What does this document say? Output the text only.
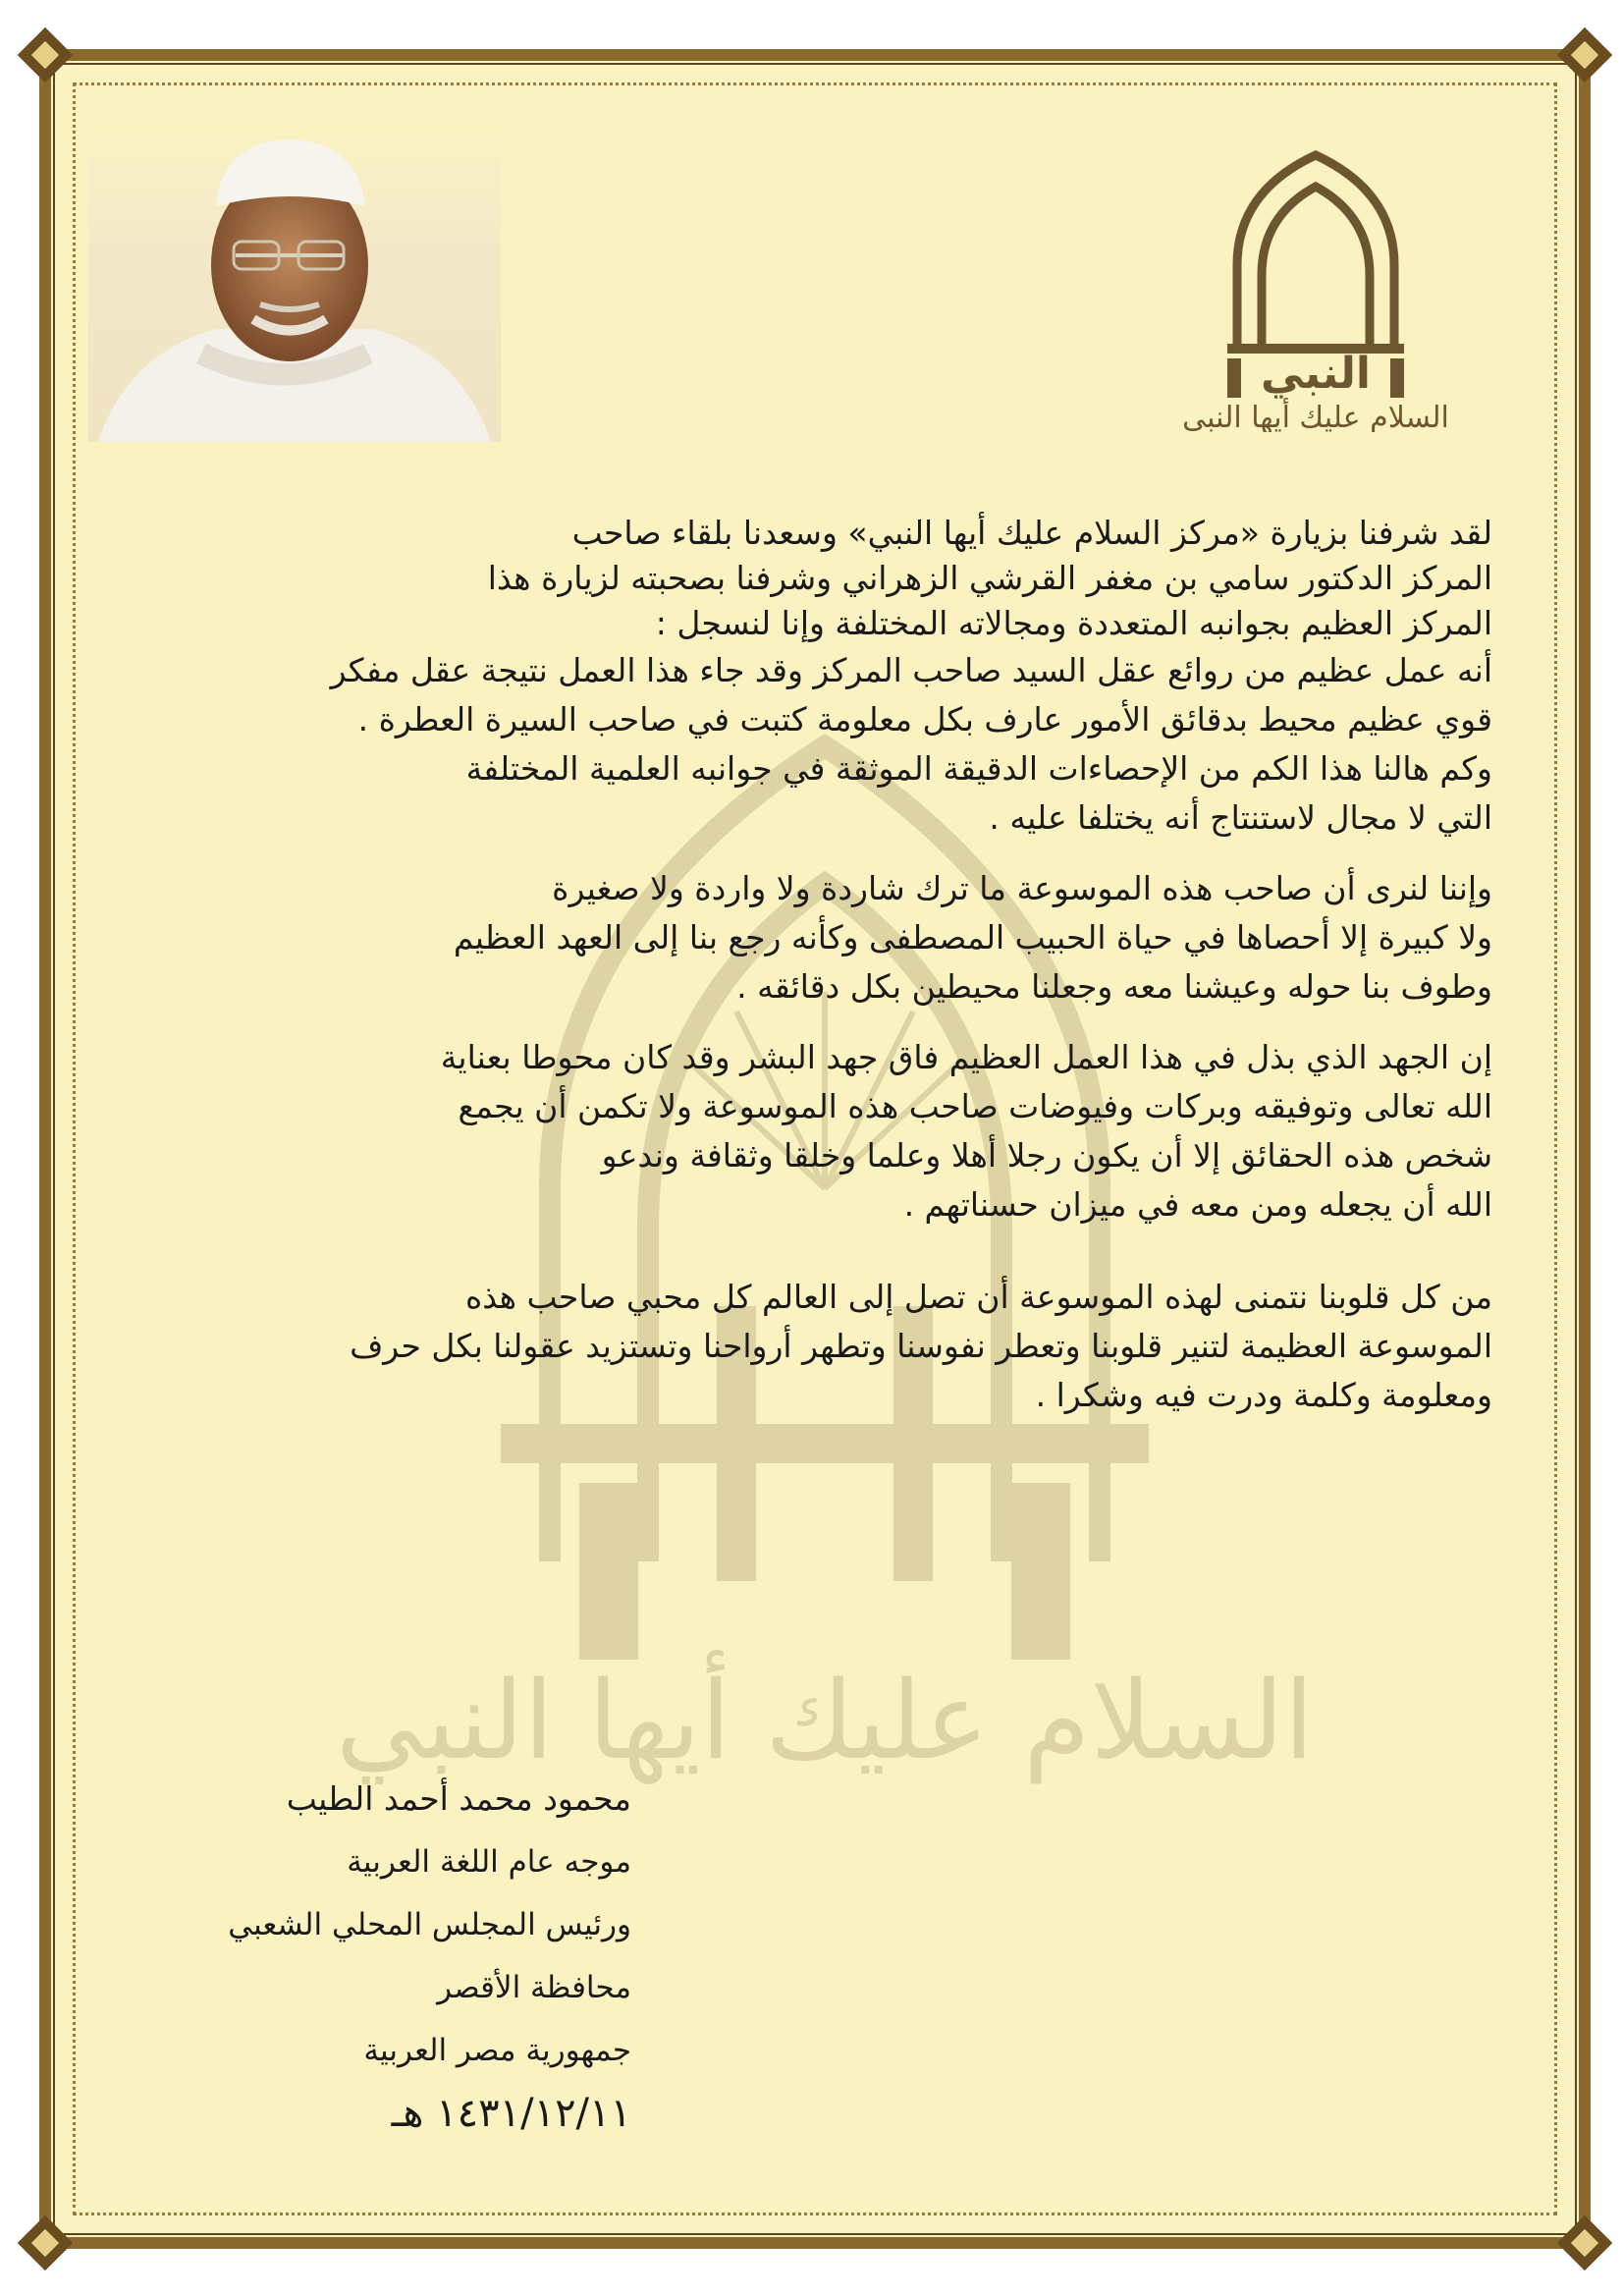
السلام عليك أيها النبي
النبي
السلام عليك أيها النبي
لقد شرفنا بزيارة «مركز السلام عليك أيها النبي» وسعدنا بلقاء صاحب
المركز الدكتور سامي بن مغفر القرشي الزهراني وشرفنا بصحبته لزيارة هذا
المركز العظيم بجوانبه المتعددة ومجالاته المختلفة وإنا لنسجل :
أنه عمل عظيم من روائع عقل السيد صاحب المركز وقد جاء هذا العمل نتيجة عقل مفكر
قوي عظيم محيط بدقائق الأمور عارف بكل معلومة كتبت في صاحب السيرة العطرة .
وكم هالنا هذا الكم من الإحصاءات الدقيقة الموثقة في جوانبه العلمية المختلفة
التي لا مجال لاستنتاج أنه يختلفا عليه .
وإننا لنرى أن صاحب هذه الموسوعة ما ترك شاردة ولا واردة ولا صغيرة
ولا كبيرة إلا أحصاها في حياة الحبيب المصطفى وكأنه رجع بنا إلى العهد العظيم
وطوف بنا حوله وعيشنا معه وجعلنا محيطين بكل دقائقه .
إن الجهد الذي بذل في هذا العمل العظيم فاق جهد البشر وقد كان محوطا بعناية
الله تعالى وتوفيقه وبركات وفيوضات صاحب هذه الموسوعة ولا تكمن أن يجمع
شخص هذه الحقائق إلا أن يكون رجلا أهلا وعلما وخلقا وثقافة وندعو
الله أن يجعله ومن معه في ميزان حسناتهم .
من كل قلوبنا نتمنى لهذه الموسوعة أن تصل إلى العالم كل محبي صاحب هذه
الموسوعة العظيمة لتنير قلوبنا وتعطر نفوسنا وتطهر أرواحنا وتستزيد عقولنا بكل حرف
ومعلومة وكلمة ودرت فيه وشكرا .
محمود محمد أحمد الطيب
موجه عام اللغة العربية
ورئيس المجلس المحلي الشعبي
محافظة الأقصر
جمهورية مصر العربية
١٤٣١/١٢/١١ هـ
